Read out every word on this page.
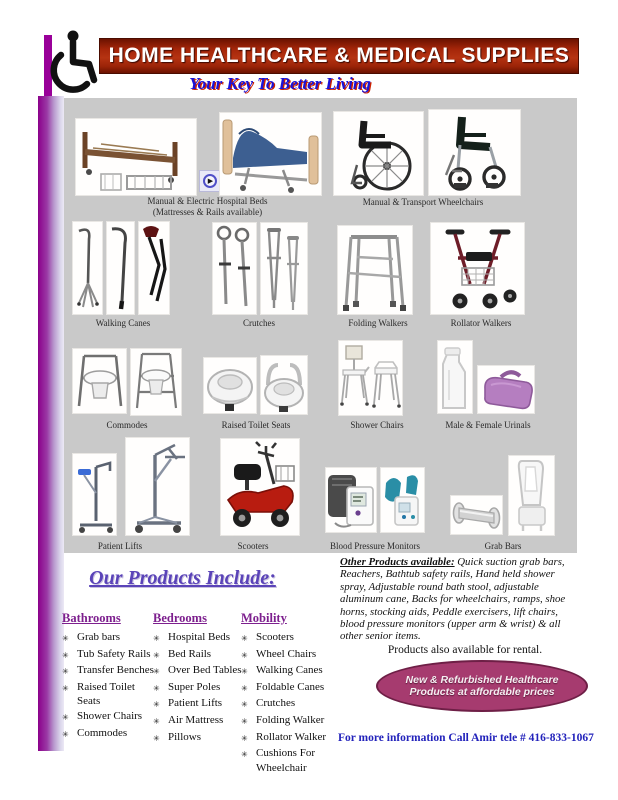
HOME HEALTHCARE & MEDICAL SUPPLIES
Your Key To Better Living
▶
Manual & Electric Hospital Beds
(Mattresses & Rails available)
Manual & Transport Wheelchairs
Walking Canes	Crutches	Folding Walkers	Rollator Walkers
Commodes	Raised Toilet Seats	Shower Chairs	Male & Female Urinals
Patient Lifts	Scooters	Blood Pressure Monitors	Grab Bars
Our Products Include:
Bathrooms
✳ Grab bars
✳ Tub Safety Rails
✳ Transfer Benches
✳ Raised Toilet Seats
✳ Shower Chairs
✳ Commodes
Bedrooms
✳ Hospital Beds
✳ Bed Rails
✳ Over Bed Tables
✳ Super Poles
✳ Patient Lifts
✳ Air Mattress
✳ Pillows
Mobility
✳ Scooters
✳ Wheel Chairs
✳ Walking Canes
✳ Foldable Canes
✳ Crutches
✳ Folding Walker
✳ Rollator Walker
✳ Cushions For Wheelchair
Other Products available: Quick suction grab bars, Reachers, Bathtub safety rails, Hand held shower spray, Adjustable round bath stool, adjustable aluminum cane, Backs for wheelchairs, ramps, shoe horns, stocking aids, Peddle exercisers, lift chairs, blood pressure monitors (upper arm & wrist) & all other senior items.
Products also available for rental.
New & Refurbished Healthcare
Products at affordable prices
For more information Call Amir tele # 416-833-1067
